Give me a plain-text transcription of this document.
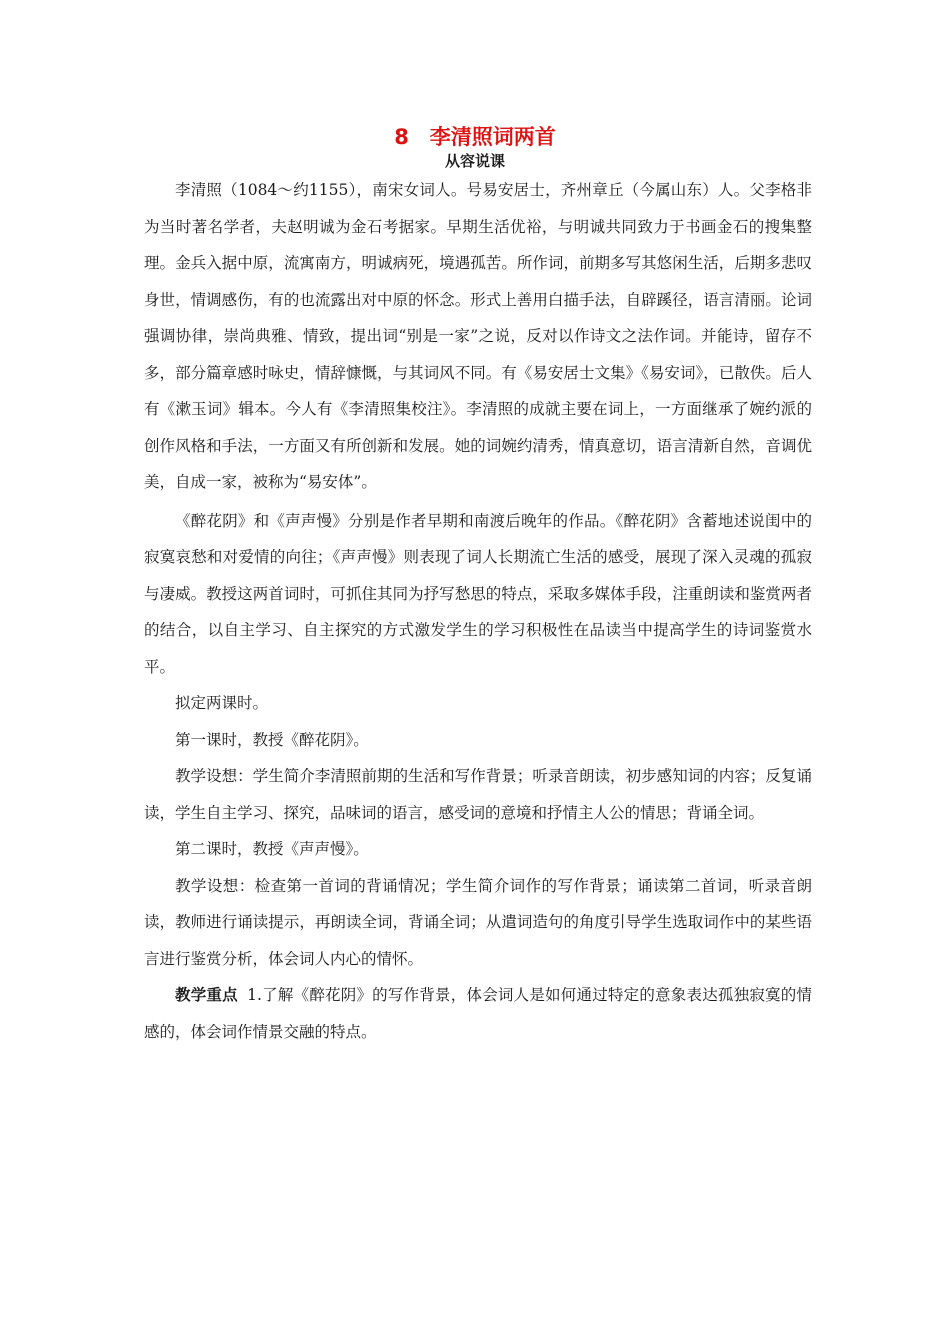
8　李清照词两首
从容说课

李清照（1084～约1155），南宋女词人。号易安居士，齐州章丘（今属山东）人。父李格非为当时著名学者，夫赵明诚为金石考据家。早期生活优裕，与明诚共同致力于书画金石的搜集整理。金兵入据中原，流寓南方，明诚病死，境遇孤苦。所作词，前期多写其悠闲生活，后期多悲叹身世，情调感伤，有的也流露出对中原的怀念。形式上善用白描手法，自辟蹊径，语言清丽。论词强调协律，崇尚典雅、情致，提出词“别是一家”之说，反对以作诗文之法作词。并能诗，留存不多，部分篇章感时咏史，情辞慷慨，与其词风不同。有《易安居士文集》《易安词》，已散佚。后人有《漱玉词》辑本。今人有《李清照集校注》。李清照的成就主要在词上，一方面继承了婉约派的创作风格和手法，一方面又有所创新和发展。她的词婉约清秀，情真意切，语言清新自然，音调优美，自成一家，被称为“易安体”。

《醉花阴》和《声声慢》分别是作者早期和南渡后晚年的作品。《醉花阴》含蓄地述说闺中的寂寞哀愁和对爱情的向往；《声声慢》则表现了词人长期流亡生活的感受，展现了深入灵魂的孤寂与凄威。教授这两首词时，可抓住其同为抒写愁思的特点，采取多媒体手段，注重朗读和鉴赏两者的结合，以自主学习、自主探究的方式激发学生的学习积极性在品读当中提高学生的诗词鉴赏水平。

拟定两课时。

第一课时，教授《醉花阴》。

教学设想：学生简介李清照前期的生活和写作背景；听录音朗读，初步感知词的内容；反复诵读，学生自主学习、探究，品味词的语言，感受词的意境和抒情主人公的情思；背诵全词。

第二课时，教授《声声慢》。

教学设想：检查第一首词的背诵情况；学生简介词作的写作背景；诵读第二首词，听录音朗读，教师进行诵读提示，再朗读全词，背诵全词；从遣词造句的角度引导学生选取词作中的某些语言进行鉴赏分析，体会词人内心的情怀。

教学重点 1.了解《醉花阴》的写作背景，体会词人是如何通过特定的意象表达孤独寂寞的情感的，体会词作情景交融的特点。
